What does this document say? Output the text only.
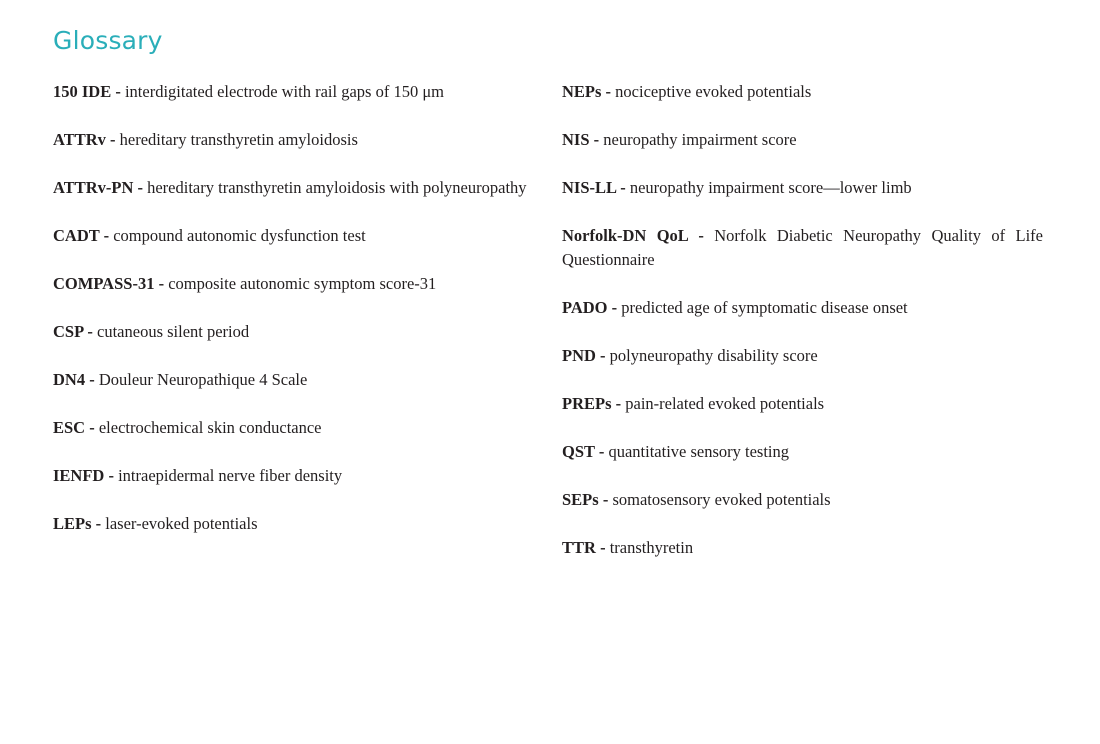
Glossary
150 IDE - interdigitated electrode with rail gaps of 150 μm
ATTRv - hereditary transthyretin amyloidosis
ATTRv-PN - hereditary transthyretin amyloidosis with polyneuropathy
CADT - compound autonomic dysfunction test
COMPASS-31 - composite autonomic symptom score-31
CSP - cutaneous silent period
DN4 - Douleur Neuropathique 4 Scale
ESC - electrochemical skin conductance
IENFD - intraepidermal nerve fiber density
LEPs - laser-evoked potentials
NEPs - nociceptive evoked potentials
NIS - neuropathy impairment score
NIS-LL - neuropathy impairment score—lower limb
Norfolk-DN QoL - Norfolk Diabetic Neuropathy Quality of Life Questionnaire
PADO - predicted age of symptomatic disease onset
PND - polyneuropathy disability score
PREPs - pain-related evoked potentials
QST - quantitative sensory testing
SEPs - somatosensory evoked potentials
TTR - transthyretin
